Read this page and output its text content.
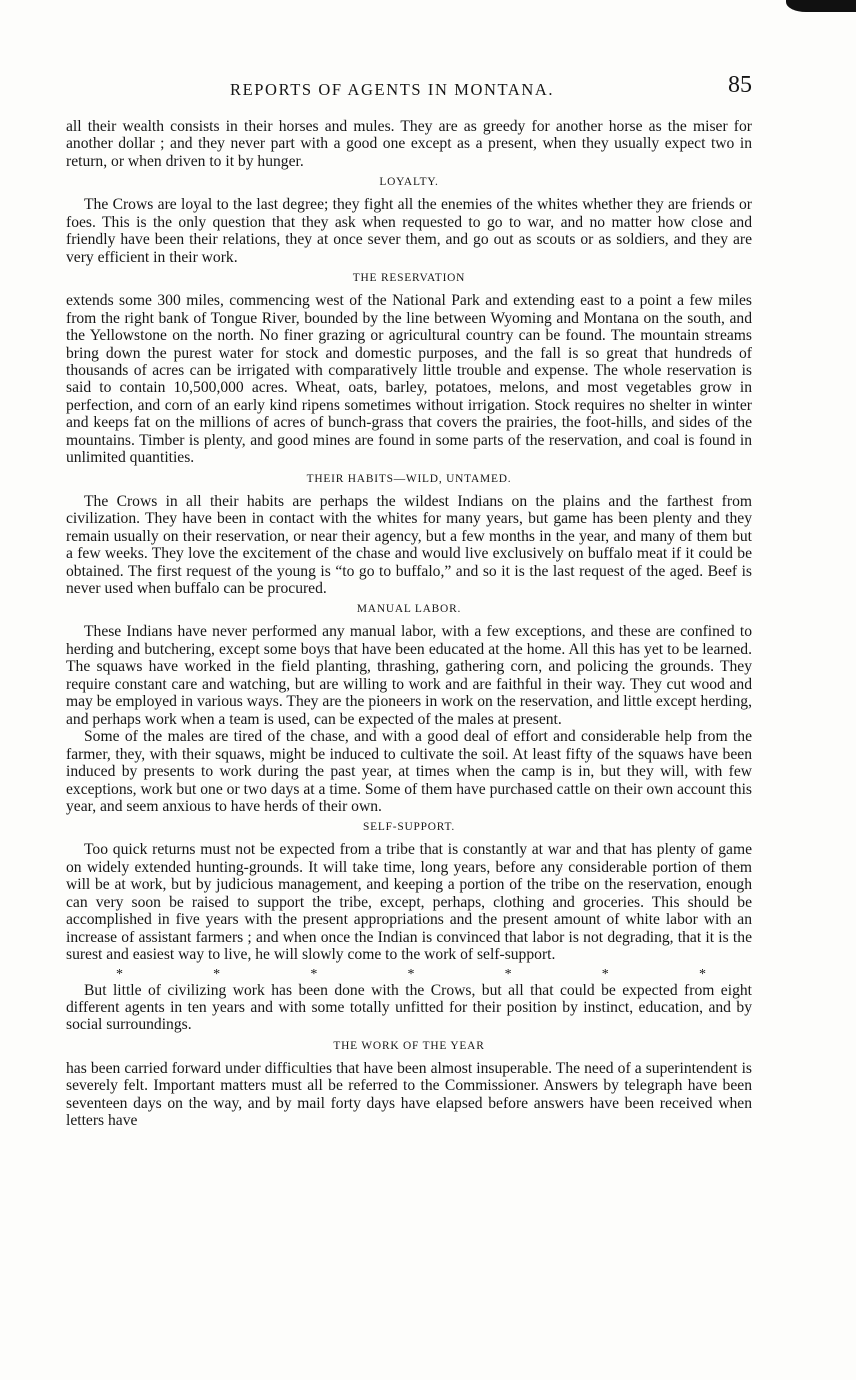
REPORTS OF AGENTS IN MONTANA.	85

all their wealth consists in their horses and mules. They are as greedy for another horse as the miser for another dollar ; and they never part with a good one except as a present, when they usually expect two in return, or when driven to it by hunger.

LOYALTY.

The Crows are loyal to the last degree; they fight all the enemies of the whites whether they are friends or foes. This is the only question that they ask when requested to go to war, and no matter how close and friendly have been their relations, they at once sever them, and go out as scouts or as soldiers, and they are very efficient in their work.

THE RESERVATION

extends some 300 miles, commencing west of the National Park and extending east to a point a few miles from the right bank of Tongue River, bounded by the line between Wyoming and Montana on the south, and the Yellowstone on the north. No finer grazing or agricultural country can be found. The mountain streams bring down the purest water for stock and domestic purposes, and the fall is so great that hundreds of thousands of acres can be irrigated with comparatively little trouble and expense. The whole reservation is said to contain 10,500,000 acres. Wheat, oats, barley, potatoes, melons, and most vegetables grow in perfection, and corn of an early kind ripens sometimes without irrigation. Stock requires no shelter in winter and keeps fat on the millions of acres of bunch-grass that covers the prairies, the foot-hills, and sides of the mountains. Timber is plenty, and good mines are found in some parts of the reservation, and coal is found in unlimited quantities.

THEIR HABITS—WILD, UNTAMED.

The Crows in all their habits are perhaps the wildest Indians on the plains and the farthest from civilization. They have been in contact with the whites for many years, but game has been plenty and they remain usually on their reservation, or near their agency, but a few months in the year, and many of them but a few weeks. They love the excitement of the chase and would live exclusively on buffalo meat if it could be obtained. The first request of the young is “to go to buffalo,” and so it is the last request of the aged. Beef is never used when buffalo can be procured.

MANUAL LABOR.

These Indians have never performed any manual labor, with a few exceptions, and these are confined to herding and butchering, except some boys that have been educated at the home. All this has yet to be learned. The squaws have worked in the field planting, thrashing, gathering corn, and policing the grounds. They require constant care and watching, but are willing to work and are faithful in their way. They cut wood and may be employed in various ways. They are the pioneers in work on the reservation, and little except herding, and perhaps work when a team is used, can be expected of the males at present.

Some of the males are tired of the chase, and with a good deal of effort and considerable help from the farmer, they, with their squaws, might be induced to cultivate the soil. At least fifty of the squaws have been induced by presents to work during the past year, at times when the camp is in, but they will, with few exceptions, work but one or two days at a time. Some of them have purchased cattle on their own account this year, and seem anxious to have herds of their own.

SELF-SUPPORT.

Too quick returns must not be expected from a tribe that is constantly at war and that has plenty of game on widely extended hunting-grounds. It will take time, long years, before any considerable portion of them will be at work, but by judicious management, and keeping a portion of the tribe on the reservation, enough can very soon be raised to support the tribe, except, perhaps, clothing and groceries. This should be accomplished in five years with the present appropriations and the present amount of white labor with an increase of assistant farmers ; and when once the Indian is convinced that labor is not degrading, that it is the surest and easiest way to live, he will slowly come to the work of self-support.

*	*	*	*	*	*	*

But little of civilizing work has been done with the Crows, but all that could be expected from eight different agents in ten years and with some totally unfitted for their position by instinct, education, and by social surroundings.

THE WORK OF THE YEAR

has been carried forward under difficulties that have been almost insuperable. The need of a superintendent is severely felt. Important matters must all be referred to the Commissioner. Answers by telegraph have been seventeen days on the way, and by mail forty days have elapsed before answers have been received when letters have
